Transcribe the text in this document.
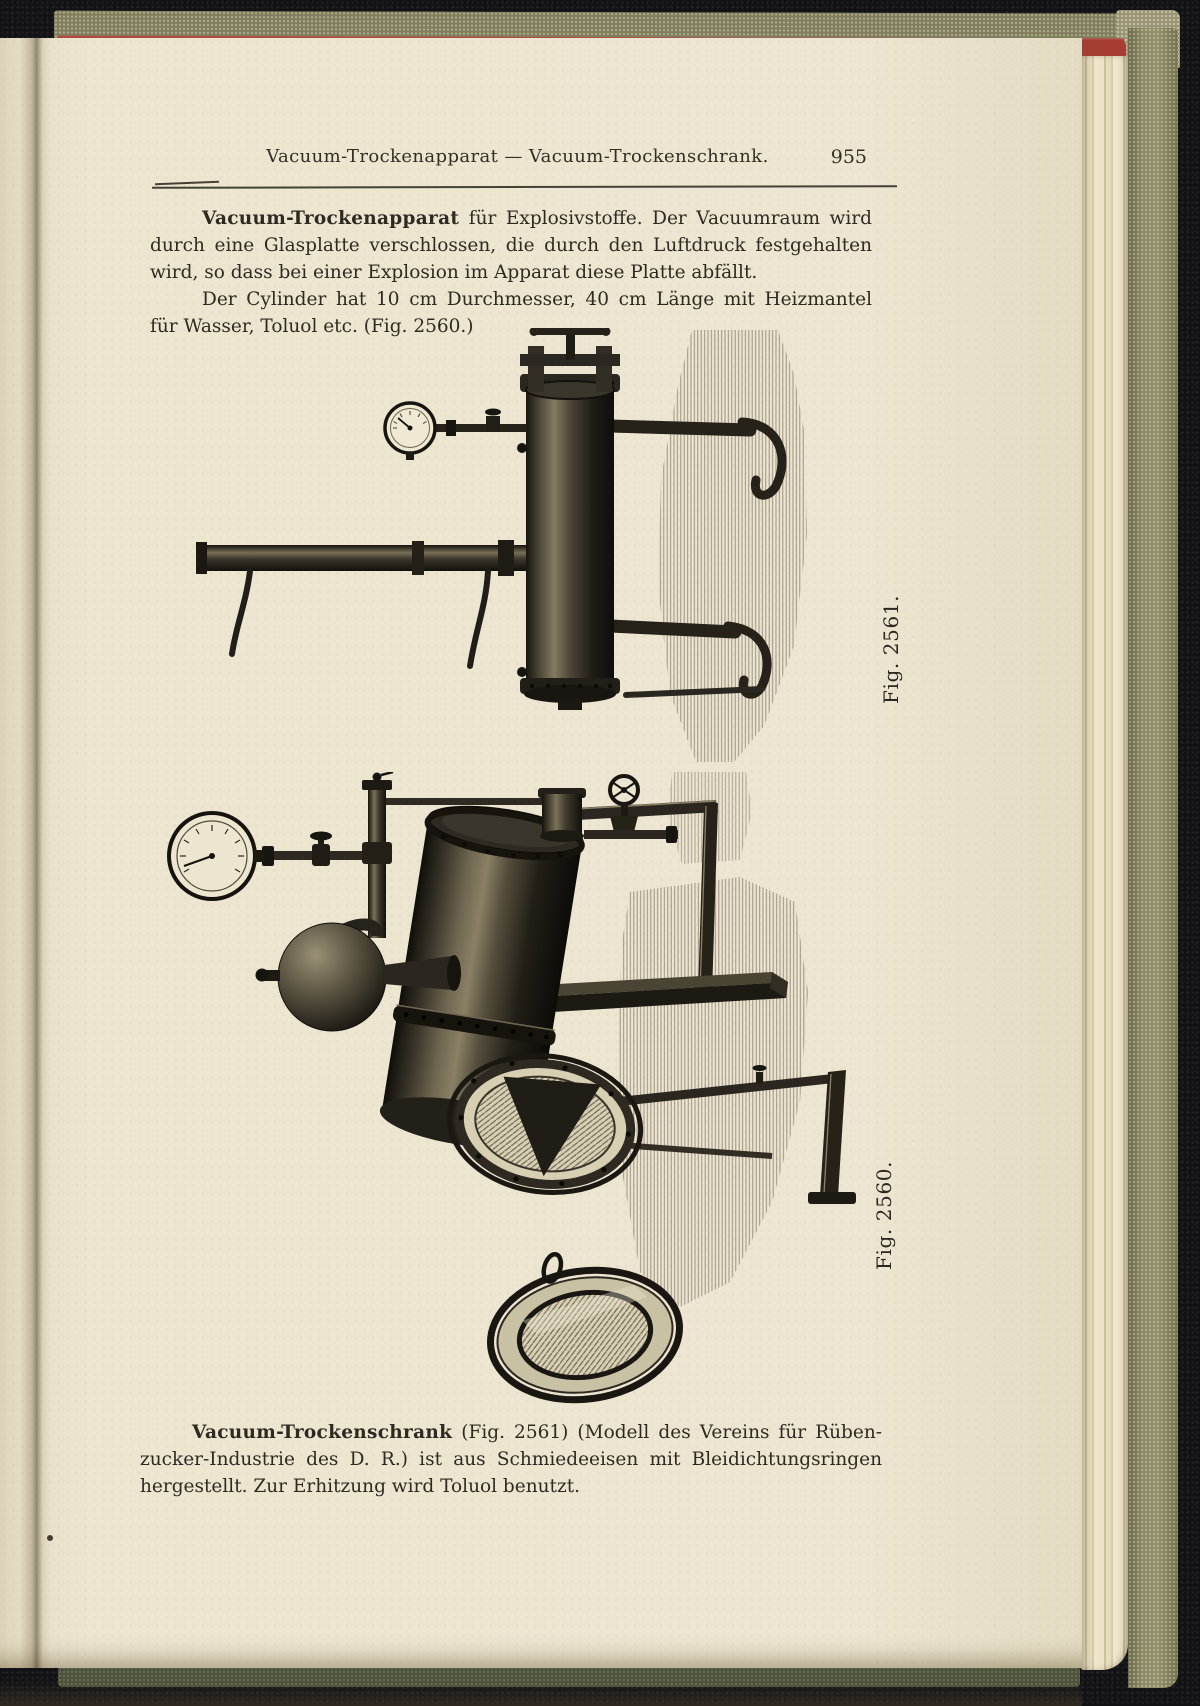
Vacuum-Trockenapparat — Vacuum-Trockenschrank.	955
Vacuum-Trockenapparat für Explosivstoffe. Der Vacuumraum wird
durch eine Glasplatte verschlossen, die durch den Luftdruck festgehalten
wird, so dass bei einer Explosion im Apparat diese Platte abfällt.
Der Cylinder hat 10 cm Durchmesser, 40 cm Länge mit Heizmantel
für Wasser, Toluol etc. (Fig. 2560.)
Fig. 2561.
Fig. 2560.
Vacuum-Trockenschrank (Fig. 2561) (Modell des Vereins für Rüben-
zucker-Industrie des D. R.) ist aus Schmiedeeisen mit Bleidichtungsringen
hergestellt. Zur Erhitzung wird Toluol benutzt.
